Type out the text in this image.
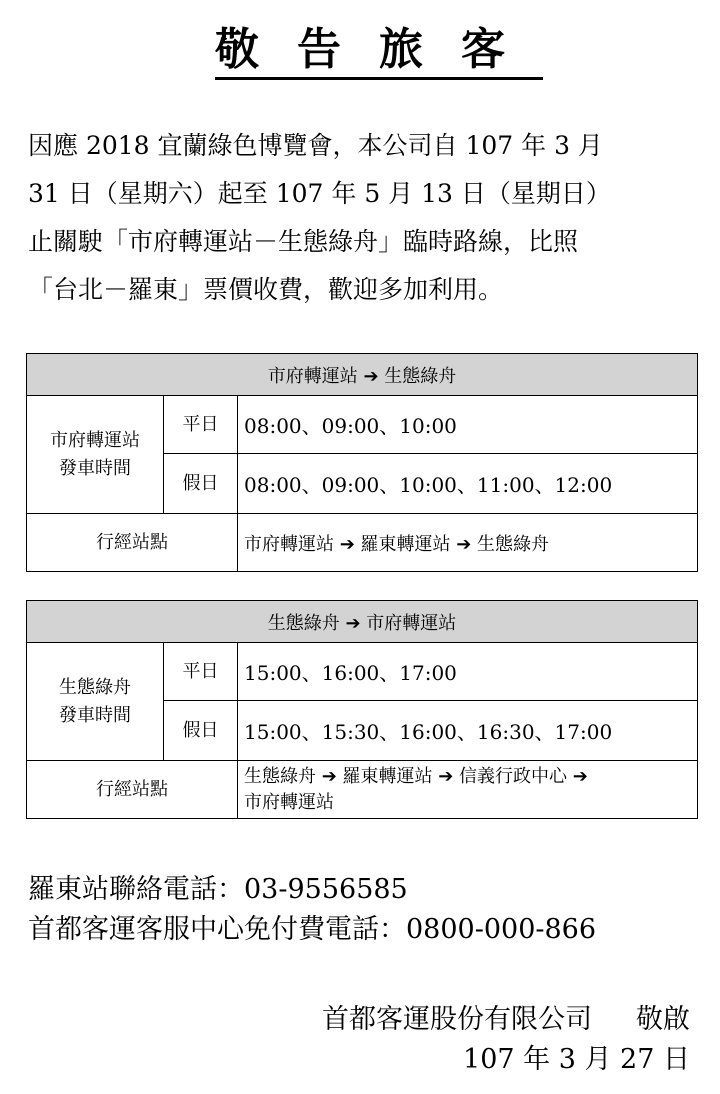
敬告旅客
因應 2018 宜蘭綠色博覽會，本公司自 107 年 3 月
31 日（星期六）起至 107 年 5 月 13 日（星期日）
止關駛「市府轉運站－生態綠舟」臨時路線，比照
「台北－羅東」票價收費，歡迎多加利用。
市府轉運站 ➔ 生態綠舟		

市府轉運站
發車時間	平日	08:00、09:00、10:00
	假日	08:00、09:00、10:00、11:00、12:00
行經站點		市府轉運站 ➔ 羅東轉運站 ➔ 生態綠舟
生態綠舟 ➔ 市府轉運站		

生態綠舟
發車時間	平日	15:00、16:00、17:00
	假日	15:00、15:30、16:00、16:30、17:00
行經站點		生態綠舟 ➔ 羅東轉運站 ➔ 信義行政中心 ➔
市府轉運站
羅東站聯絡電話：03-9556585
首都客運客服中心免付費電話：0800-000-866
首都客運股份有限公司 敬啟
107 年 3 月 27 日
